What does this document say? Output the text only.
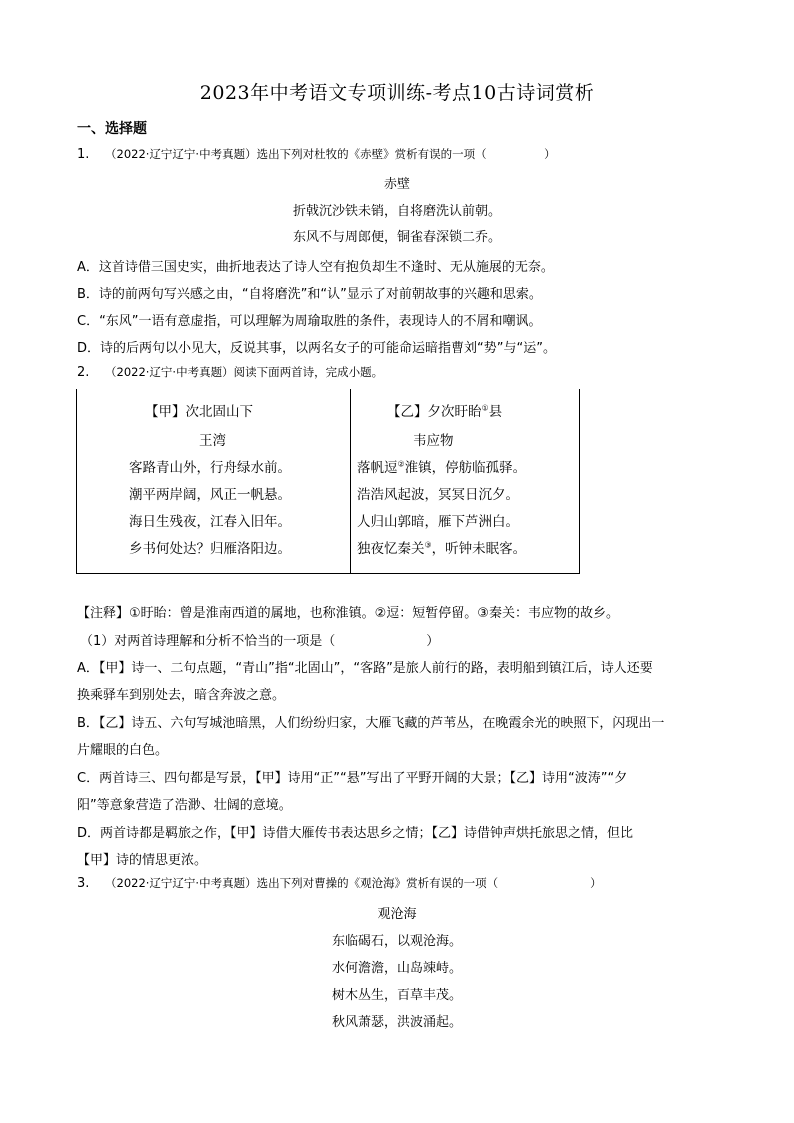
2023年中考语文专项训练-考点10古诗词赏析
一、选择题
1. （2022·辽宁辽宁·中考真题）选出下列对杜牧的《赤壁》赏析有误的一项（　　　　　）
赤壁
折戟沉沙铁未销，自将磨洗认前朝。
东风不与周郎便，铜雀春深锁二乔。
A．这首诗借三国史实，曲折地表达了诗人空有抱负却生不逢时、无从施展的无奈。
B．诗的前两句写兴感之由，“自将磨洗”和“认”显示了对前朝故事的兴趣和思索。
C．“东风”一语有意虚指，可以理解为周瑜取胜的条件，表现诗人的不屑和嘲讽。
D．诗的后两句以小见大，反说其事，以两名女子的可能命运暗指曹刘“势”与“运”。
2. （2022·辽宁·中考真题）阅读下面两首诗，完成小题。
【甲】次北固山下
王湾
客路青山外，行舟绿水前。
潮平两岸阔，风正一帆悬。
海日生残夜，江春入旧年。
乡书何处达？归雁洛阳边。

【乙】夕次盱眙①县
韦应物
落帆逗②淮镇，停舫临孤驿。
浩浩风起波，冥冥日沉夕。
人归山郭暗，雁下芦洲白。
独夜忆秦关③，听钟未眠客。
【注释】①盱眙：曾是淮南西道的属地，也称淮镇。②逗：短暂停留。③秦关：韦应物的故乡。
（1）对两首诗理解和分析不恰当的一项是（　　　　　　　）
A．【甲】诗一、二句点题，“青山”指“北固山”，“客路”是旅人前行的路，表明船到镇江后，诗人还要
换乘驿车到别处去，暗含奔波之意。
B．【乙】诗五、六句写城池暗黑，人们纷纷归家，大雁飞藏的芦苇丛，在晚霞余光的映照下，闪现出一
片耀眼的白色。
C．两首诗三、四句都是写景，【甲】诗用“正”“悬”写出了平野开阔的大景；【乙】诗用“波涛”“夕
阳”等意象营造了浩渺、壮阔的意境。
D．两首诗都是羁旅之作，【甲】诗借大雁传书表达思乡之情；【乙】诗借钟声烘托旅思之情，但比
【甲】诗的情思更浓。
3. （2022·辽宁辽宁·中考真题）选出下列对曹操的《观沧海》赏析有误的一项（　　　　　　　　）
观沧海
东临碣石，以观沧海。
水何澹澹，山岛竦峙。
树木丛生，百草丰茂。
秋风萧瑟，洪波涌起。
